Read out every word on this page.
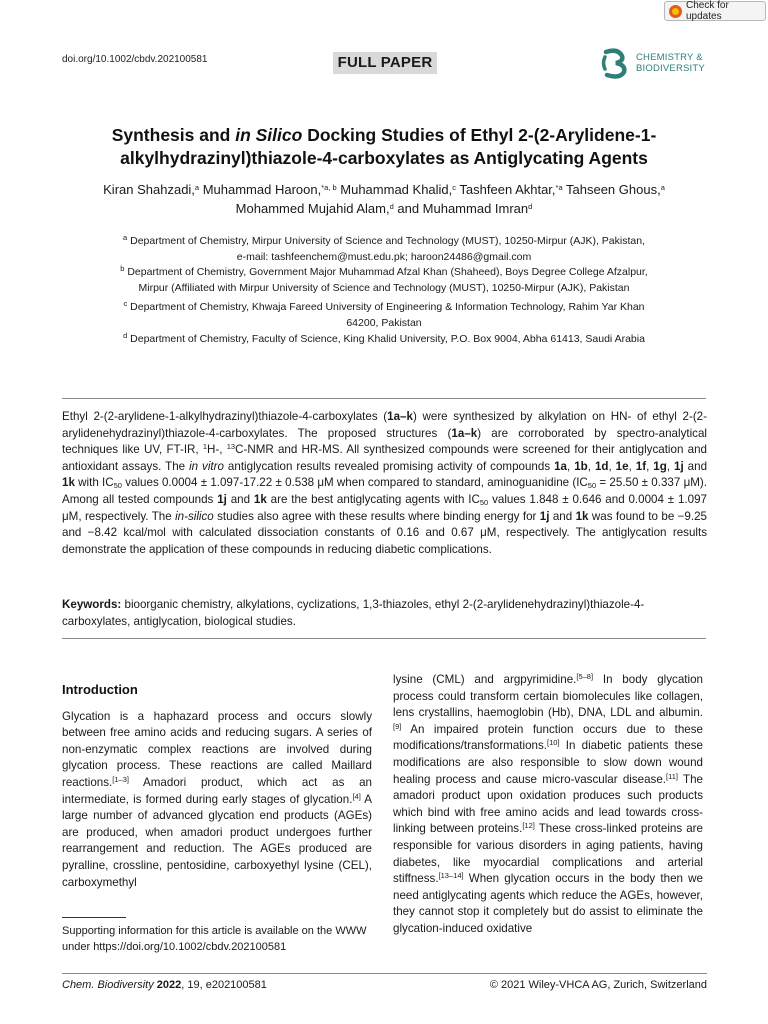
Check for updates
doi.org/10.1002/cbdv.202100581	FULL PAPER	CHEMISTRY &
BIODIVERSITY
Synthesis and in Silico Docking Studies of Ethyl 2-(2-Arylidene-1-alkylhydrazinyl)thiazole-4-carboxylates as Antiglycating Agents
Kiran Shahzadi,$^a$ Muhammad Haroon,$^{*a, b}$ Muhammad Khalid,$^c$ Tashfeen Akhtar,$^{*a}$ Tahseen Ghous,$^a$
Mohammed Mujahid Alam,$^d$ and Muhammad Imran$^d$
$^a$ Department of Chemistry, Mirpur University of Science and Technology (MUST), 10250-Mirpur (AJK), Pakistan,
e-mail: tashfeenchem@must.edu.pk; haroon24486@gmail.com
$^b$ Department of Chemistry, Government Major Muhammad Afzal Khan (Shaheed), Boys Degree College Afzalpur,
Mirpur (Affiliated with Mirpur University of Science and Technology (MUST), 10250-Mirpur (AJK), Pakistan
$^c$ Department of Chemistry, Khwaja Fareed University of Engineering & Information Technology, Rahim Yar Khan
64200, Pakistan
$^d$ Department of Chemistry, Faculty of Science, King Khalid University, P.O. Box 9004, Abha 61413, Saudi Arabia
Ethyl 2-(2-arylidene-1-alkylhydrazinyl)thiazole-4-carboxylates (1a–k) were synthesized by alkylation on HN- of ethyl 2-(2-arylidenehydrazinyl)thiazole-4-carboxylates. The proposed structures (1a–k) are corroborated by spectro-analytical techniques like UV, FT-IR, $^1$H-, $^{13}$C-NMR and HR-MS. All synthesized compounds were screened for their antiglycation and antioxidant assays. The in vitro antiglycation results revealed promising activity of compounds 1a, 1b, 1d, 1e, 1f, 1g, 1j and 1k with $IC_{50}$ values 0.0004 ± 1.097-17.22 ± 0.538 μM when compared to standard, aminoguanidine ($IC_{50} = 25.50 \pm 0.337$ μM). Among all tested compounds 1j and 1k are the best antiglycating agents with $IC_{50}$ values 1.848 ± 0.646 and 0.0004 ± 1.097 μM, respectively. The in-silico studies also agree with these results where binding energy for 1j and 1k was found to be −9.25 and −8.42 kcal/mol with calculated dissociation constants of 0.16 and 0.67 μM, respectively. The antiglycation results demonstrate the application of these compounds in reducing diabetic complications.
Keywords: bioorganic chemistry, alkylations, cyclizations, 1,3-thiazoles, ethyl 2-(2-arylidenehydrazinyl)thiazole-4-carboxylates, antiglycation, biological studies.
Introduction
Glycation is a haphazard process and occurs slowly between free amino acids and reducing sugars. A series of non-enzymatic complex reactions are involved during glycation process. These reactions are called Maillard reactions.[1–3] Amadori product, which act as an intermediate, is formed during early stages of glycation.[4] A large number of advanced glycation end products (AGEs) are produced, when amadori product undergoes further rearrangement and reduction. The AGEs produced are pyralline, crossline, pentosidine, carboxyethyl lysine (CEL), carboxymethyl
lysine (CML) and argpyrimidine.[5–8] In body glycation process could transform certain biomolecules like collagen, lens crystallins, haemoglobin (Hb), DNA, LDL and albumin.[9] An impaired protein function occurs due to these modifications/transformations.[10] In diabetic patients these modifications are also responsible to slow down wound healing process and cause micro-vascular disease.[11] The amadori product upon oxidation produces such products which bind with free amino acids and lead towards cross-linking between proteins.[12] These cross-linked proteins are responsible for various disorders in aging patients, having diabetes, like myocardial complications and arterial stiffness.[13–14] When glycation occurs in the body then we need antiglycating agents which reduce the AGEs, however, they cannot stop it completely but do assist to eliminate the glycation-induced oxidative
Supporting information for this article is available on the WWW under https://doi.org/10.1002/cbdv.202100581
Chem. Biodiversity 2022, 19, e202100581	© 2021 Wiley-VHCA AG, Zurich, Switzerland
